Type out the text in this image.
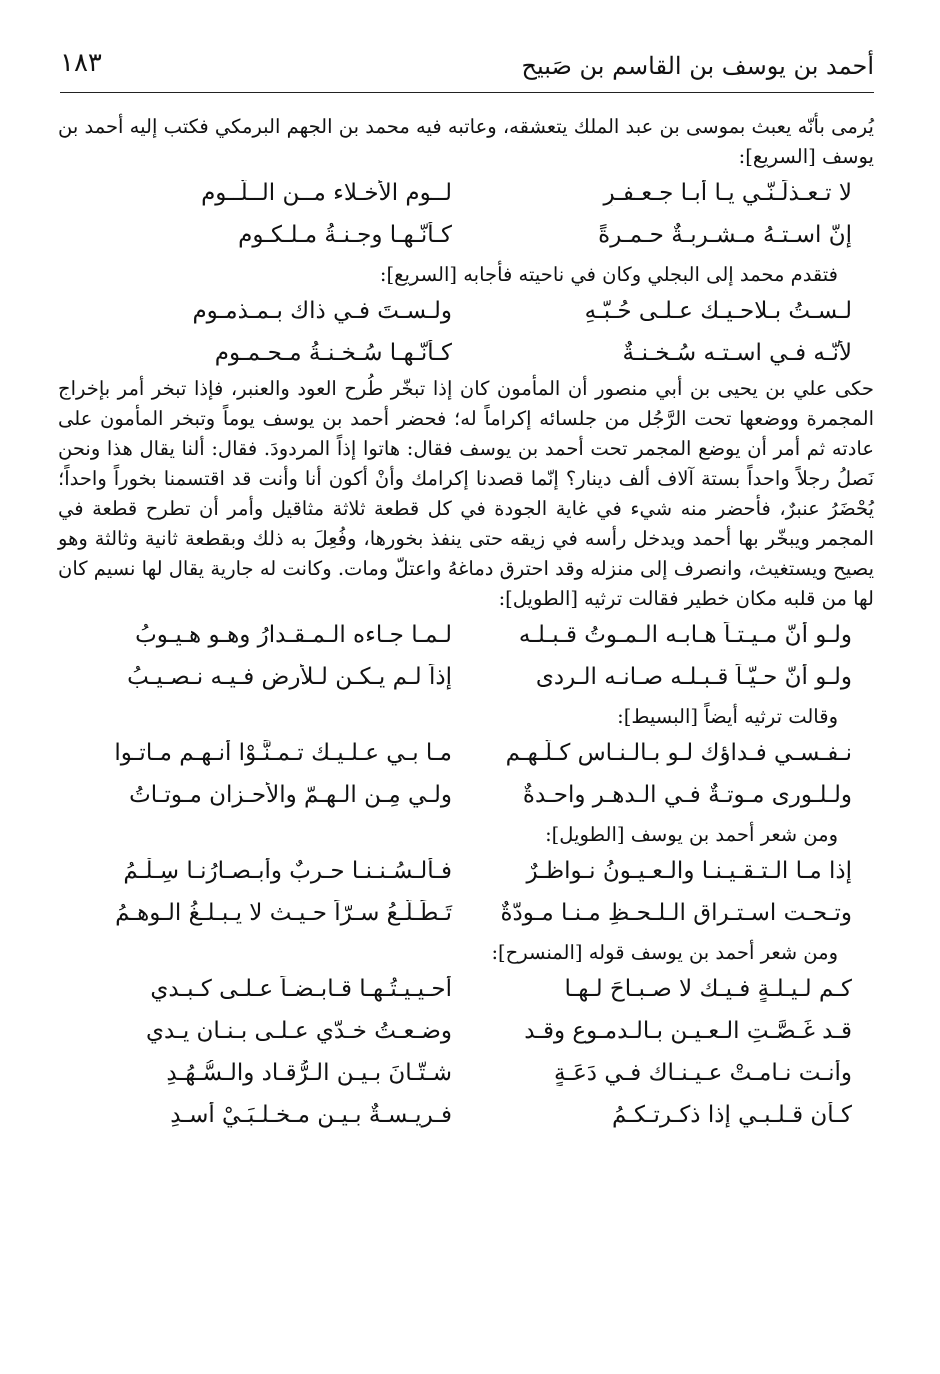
أحمد بن يوسف بن القاسم بن صَبيح
١٨٣

يُرمى بأنّه يعبث بموسى بن عبد الملك يتعشقه، وعاتبه فيه محمد بن الجهم البرمكي فكتب إليه أحمد بن يوسف [السريع]:

لا تـعـذلَـنّـي يـا أبـا جـعـفـرٍ
لــوم الأخـلاء مــن الــلُّــوم
إنّ اسـتـهُ مـشـربـةٌ حـمـرةً
كـأنّـهـا وجـنـةُ مـلـكـومِ

فتقدم محمد إلى البجلي وكان في ناحيته فأجابه [السريع]:

لـسـتُ بـلاحـيـك عـلـى حُـبّـهِ
ولـسـتَ فـي ذاك بـمـذمـومِ
لأنّـه فـي اسـتـه سُـخـنـةٌ
كـأنّـهـا سُـخـنـةُ مـحـمـومِ

حكى علي بن يحيى بن أبي منصور أن المأمون كان إذا تبخّر طُرح العود والعنبر، فإذا تبخر أمر بإخراج المجمرة ووضعها تحت الرَّجُل من جلسائه إكراماً له؛ فحضر أحمد بن يوسف يوماً وتبخر المأمون على عادته ثم أمر أن يوضع المجمر تحت أحمد بن يوسف فقال: هاتوا إذاً المردودَ. فقال: ألنا يقال هذا ونحن نَصلُ رجلاً واحداً بستة آلاف ألف دينار؟ إنّما قصدنا إكرامك وأنْ أكون أنا وأنت قد اقتسمنا بخوراً واحداً؛ يُحْضَرُ عنبرٌ، فأحضر منه شيء في غاية الجودة في كل قطعة ثلاثة مثاقيل وأمر أن تطرح قطعة في المجمر ويبخّر بها أحمد ويدخل رأسه في زيقه حتى ينفذ بخورها، وفُعِلَ به ذلك وبقطعة ثانية وثالثة وهو يصيح ويستغيث، وانصرف إلى منزله وقد احترق دماغهُ واعتلّ ومات. وكانت له جارية يقال لها نسيم كان لها من قلبه مكان خطير فقالت ترثيه [الطويل]:

ولـو أنّ مـيـتـاً هـابـه الـمـوتُ قـبـلـه
لـمـا جـاءه الـمـقـدارُ وهـو هـيـوبُ
ولـو أنّ حـيّـاً قـبـلـه صـانـه الـردى
إذاً لـم يـكـن لـلأرض فـيـه نـصـيـبُ

وقالت ترثيه أيضاً [البسيط]:

نـفـسـي فـداؤك لـو بـالـنـاسِ كـلّـهـم
مـا بـي عـلـيـك تـمـنَّـوْا أنـهـم مـاتـوا
ولـلـورى مـوتـةٌ فـي الـدهـر واحـدةٌ
ولـي مِـن الـهـمّ والأحـزان مـوتـاتُ

ومن شعر أحمد بن يوسف [الطويل]:

إذا مـا الـتـقـيـنـا والـعـيـونُ نـواظـرٌ
فـألـسُـنـنـا حـربٌ وأبـصـارُنـا سِـلْـمُ
وتـحـت اسـتـراقِ الـلـحـظِ مـنـا مـودّةٌ
تَـطَـلّـعُ سـرّاً حـيـث لا يـبـلـغُ الـوهـمُ

ومن شعر أحمد بن يوسف قوله [المنسرح]:

كـم لـيـلـةٍ فـيـك لا صـبـاحَ لـهـا
أحـيـيـتُـهـا قـابـضـاً عـلـى كـبـدي
قـد غَـصَّـتِ الـعـيـن بـالـدمـوع وقـد
وضـعـتُ خـدّي عـلـى بـنـان يـدي
وأنـت نـامـتْ عـيـنـاك فـي دَعَـةٍ
شـتّـانَ بـيـن الـرُّقـاد والـسُّـهُـدِ
كـأن قـلـبـي إذا ذكـرتـكـمُ
فـريـسـةٌ بـيـن مـخـلـبَـيْ أسـدِ
